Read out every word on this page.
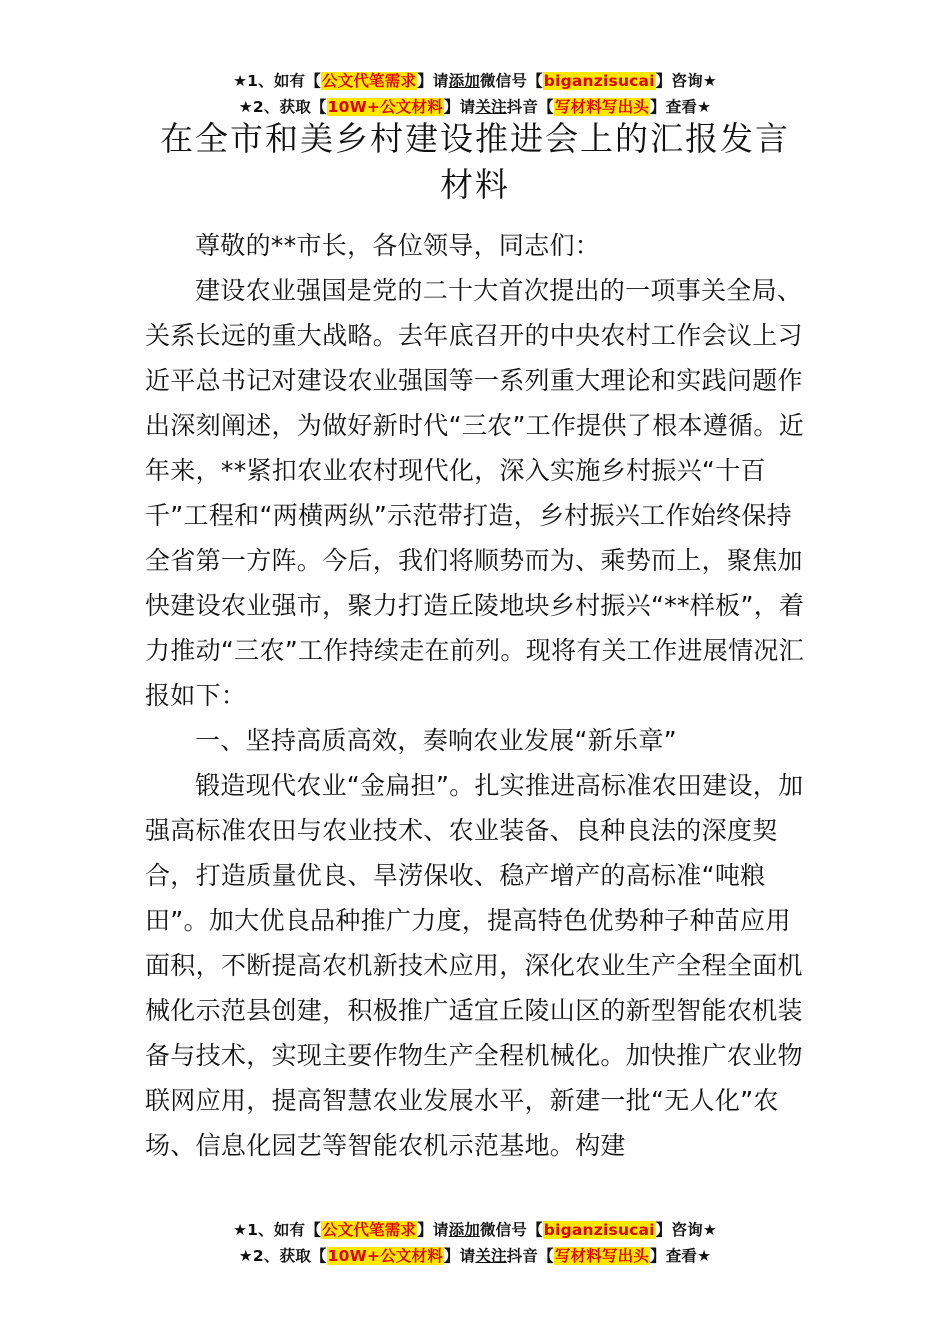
★1、如有【公文代笔需求】请添加微信号【biganzisucai】咨询★
★2、获取【10W+公文材料】请关注抖音【写材料写出头】查看★
在全市和美乡村建设推进会上的汇报发言材料

尊敬的**市长，各位领导，同志们：

建设农业强国是党的二十大首次提出的一项事关全局、关系长远的重大战略。去年底召开的中央农村工作会议上习近平总书记对建设农业强国等一系列重大理论和实践问题作出深刻阐述，为做好新时代“三农”工作提供了根本遵循。近年来，**紧扣农业农村现代化，深入实施乡村振兴“十百千”工程和“两横两纵”示范带打造，乡村振兴工作始终保持全省第一方阵。今后，我们将顺势而为、乘势而上，聚焦加快建设农业强市，聚力打造丘陵地块乡村振兴“**样板”，着力推动“三农”工作持续走在前列。现将有关工作进展情况汇报如下：

一、坚持高质高效，奏响农业发展“新乐章”

锻造现代农业“金扁担”。扎实推进高标准农田建设，加强高标准农田与农业技术、农业装备、良种良法的深度契合，打造质量优良、旱涝保收、稳产增产的高标准“吨粮田”。加大优良品种推广力度，提高特色优势种子种苗应用面积，不断提高农机新技术应用，深化农业生产全程全面机械化示范县创建，积极推广适宜丘陵山区的新型智能农机装备与技术，实现主要作物生产全程机械化。加快推广农业物联网应用，提高智慧农业发展水平，新建一批“无人化”农场、信息化园艺等智能农机示范基地。构建

★1、如有【公文代笔需求】请添加微信号【biganzisucai】咨询★
★2、获取【10W+公文材料】请关注抖音【写材料写出头】查看★
